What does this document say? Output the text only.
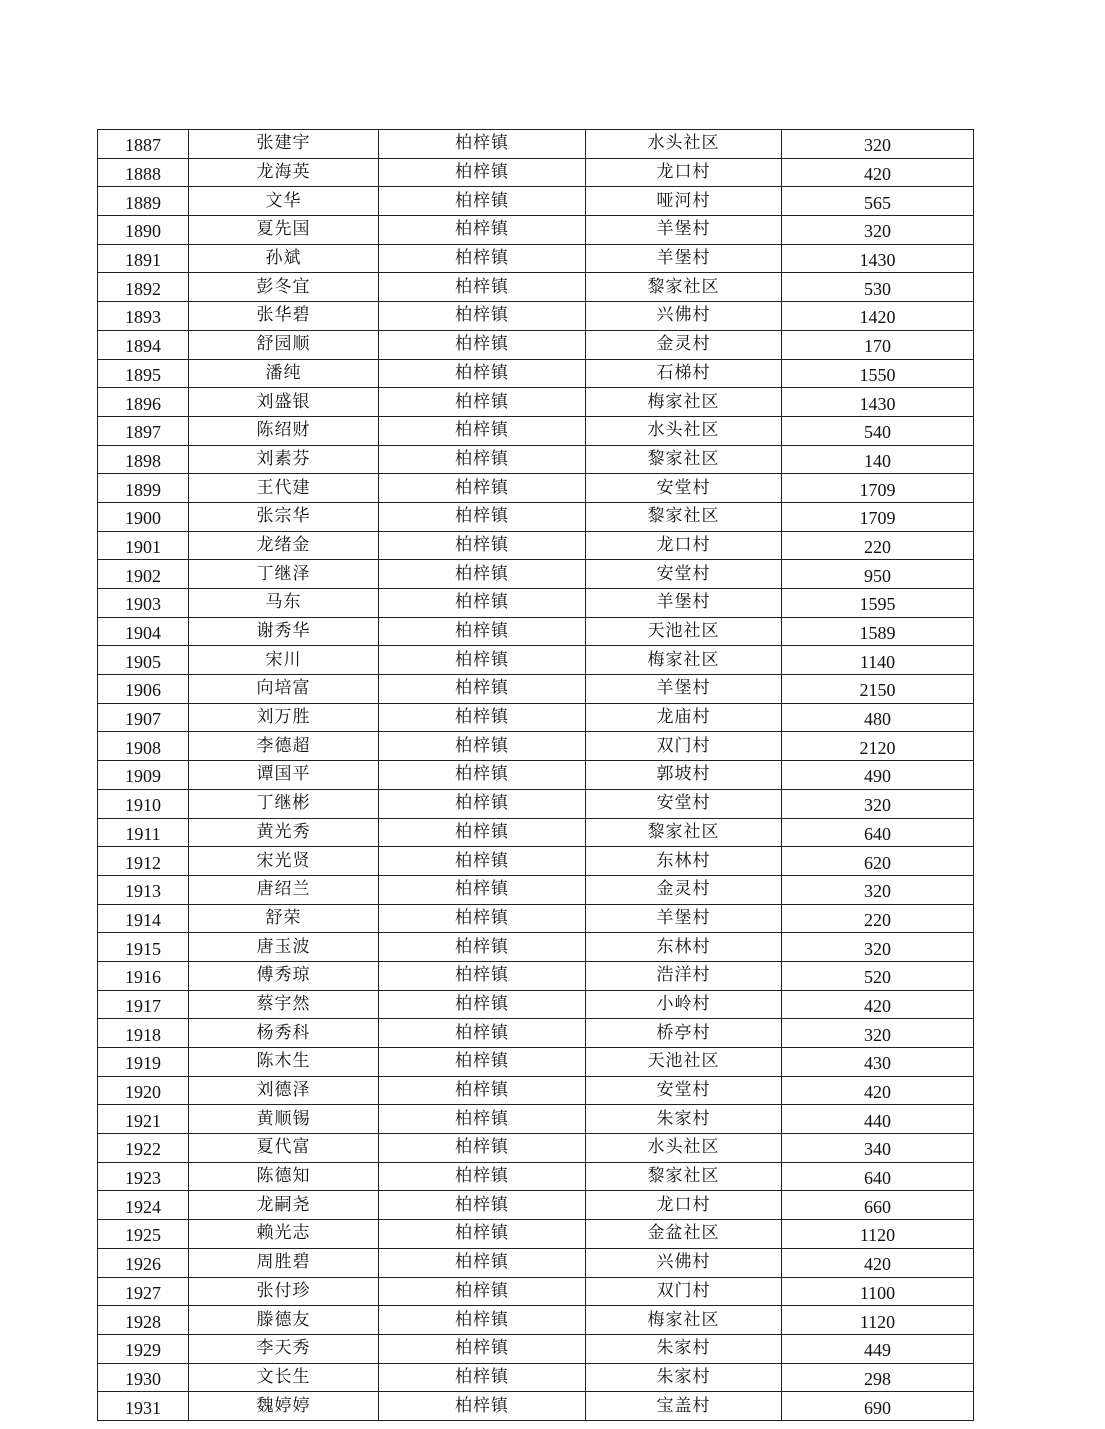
1887	张建宇	柏梓镇	水头社区	320
1888	龙海英	柏梓镇	龙口村	420
1889	文华	柏梓镇	哑河村	565
1890	夏先国	柏梓镇	羊堡村	320
1891	孙斌	柏梓镇	羊堡村	1430
1892	彭冬宜	柏梓镇	黎家社区	530
1893	张华碧	柏梓镇	兴佛村	1420
1894	舒园顺	柏梓镇	金灵村	170
1895	潘纯	柏梓镇	石梯村	1550
1896	刘盛银	柏梓镇	梅家社区	1430
1897	陈绍财	柏梓镇	水头社区	540
1898	刘素芬	柏梓镇	黎家社区	140
1899	王代建	柏梓镇	安堂村	1709
1900	张宗华	柏梓镇	黎家社区	1709
1901	龙绪金	柏梓镇	龙口村	220
1902	丁继泽	柏梓镇	安堂村	950
1903	马东	柏梓镇	羊堡村	1595
1904	谢秀华	柏梓镇	天池社区	1589
1905	宋川	柏梓镇	梅家社区	1140
1906	向培富	柏梓镇	羊堡村	2150
1907	刘万胜	柏梓镇	龙庙村	480
1908	李德超	柏梓镇	双门村	2120
1909	谭国平	柏梓镇	郭坡村	490
1910	丁继彬	柏梓镇	安堂村	320
1911	黄光秀	柏梓镇	黎家社区	640
1912	宋光贤	柏梓镇	东林村	620
1913	唐绍兰	柏梓镇	金灵村	320
1914	舒荣	柏梓镇	羊堡村	220
1915	唐玉波	柏梓镇	东林村	320
1916	傅秀琼	柏梓镇	浩洋村	520
1917	蔡宇然	柏梓镇	小岭村	420
1918	杨秀科	柏梓镇	桥亭村	320
1919	陈木生	柏梓镇	天池社区	430
1920	刘德泽	柏梓镇	安堂村	420
1921	黄顺锡	柏梓镇	朱家村	440
1922	夏代富	柏梓镇	水头社区	340
1923	陈德知	柏梓镇	黎家社区	640
1924	龙嗣尧	柏梓镇	龙口村	660
1925	赖光志	柏梓镇	金盆社区	1120
1926	周胜碧	柏梓镇	兴佛村	420
1927	张付珍	柏梓镇	双门村	1100
1928	滕德友	柏梓镇	梅家社区	1120
1929	李天秀	柏梓镇	朱家村	449
1930	文长生	柏梓镇	朱家村	298
1931	魏婷婷	柏梓镇	宝盖村	690
